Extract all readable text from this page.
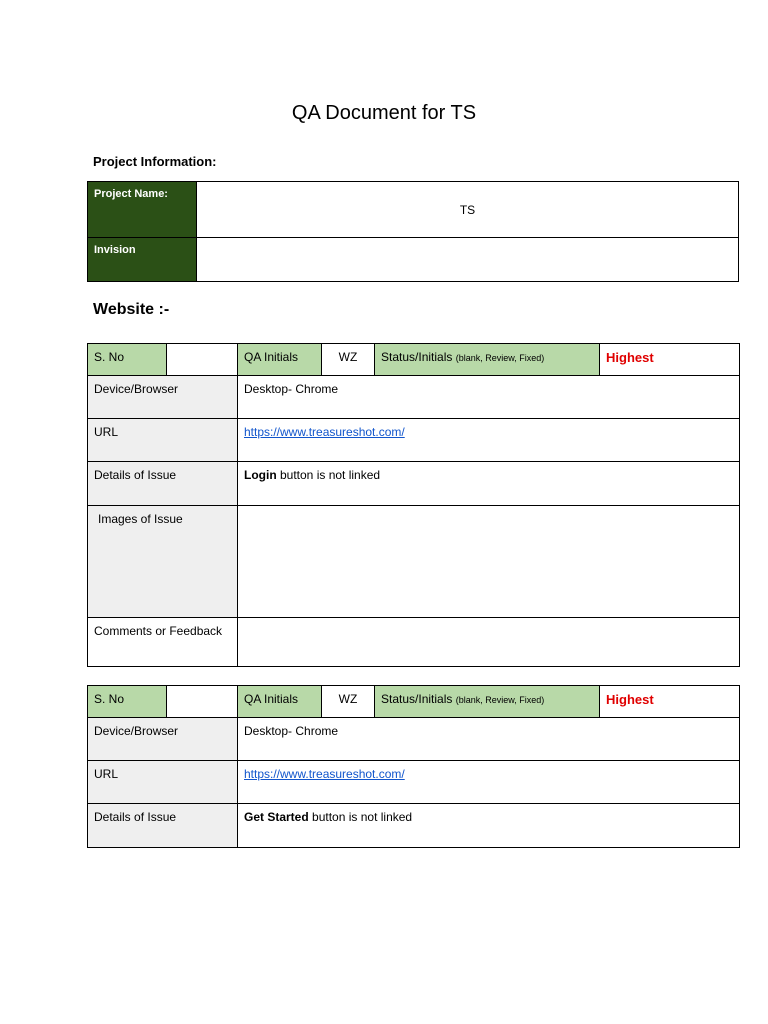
QA Document for TS
Project Information:
Project Name:	TS
Invision	
Website :-
S. No		QA Initials	WZ	Status/Initials (blank, Review, Fixed)	Highest
Device/Browser		Desktop- Chrome			
URL		https://www.treasureshot.com/			
Details of Issue		Login button is not linked			
Images of Issue					
Comments or Feedback					
S. No		QA Initials	WZ	Status/Initials (blank, Review, Fixed)	Highest
Device/Browser		Desktop- Chrome			
URL		https://www.treasureshot.com/			
Details of Issue		Get Started button is not linked			
